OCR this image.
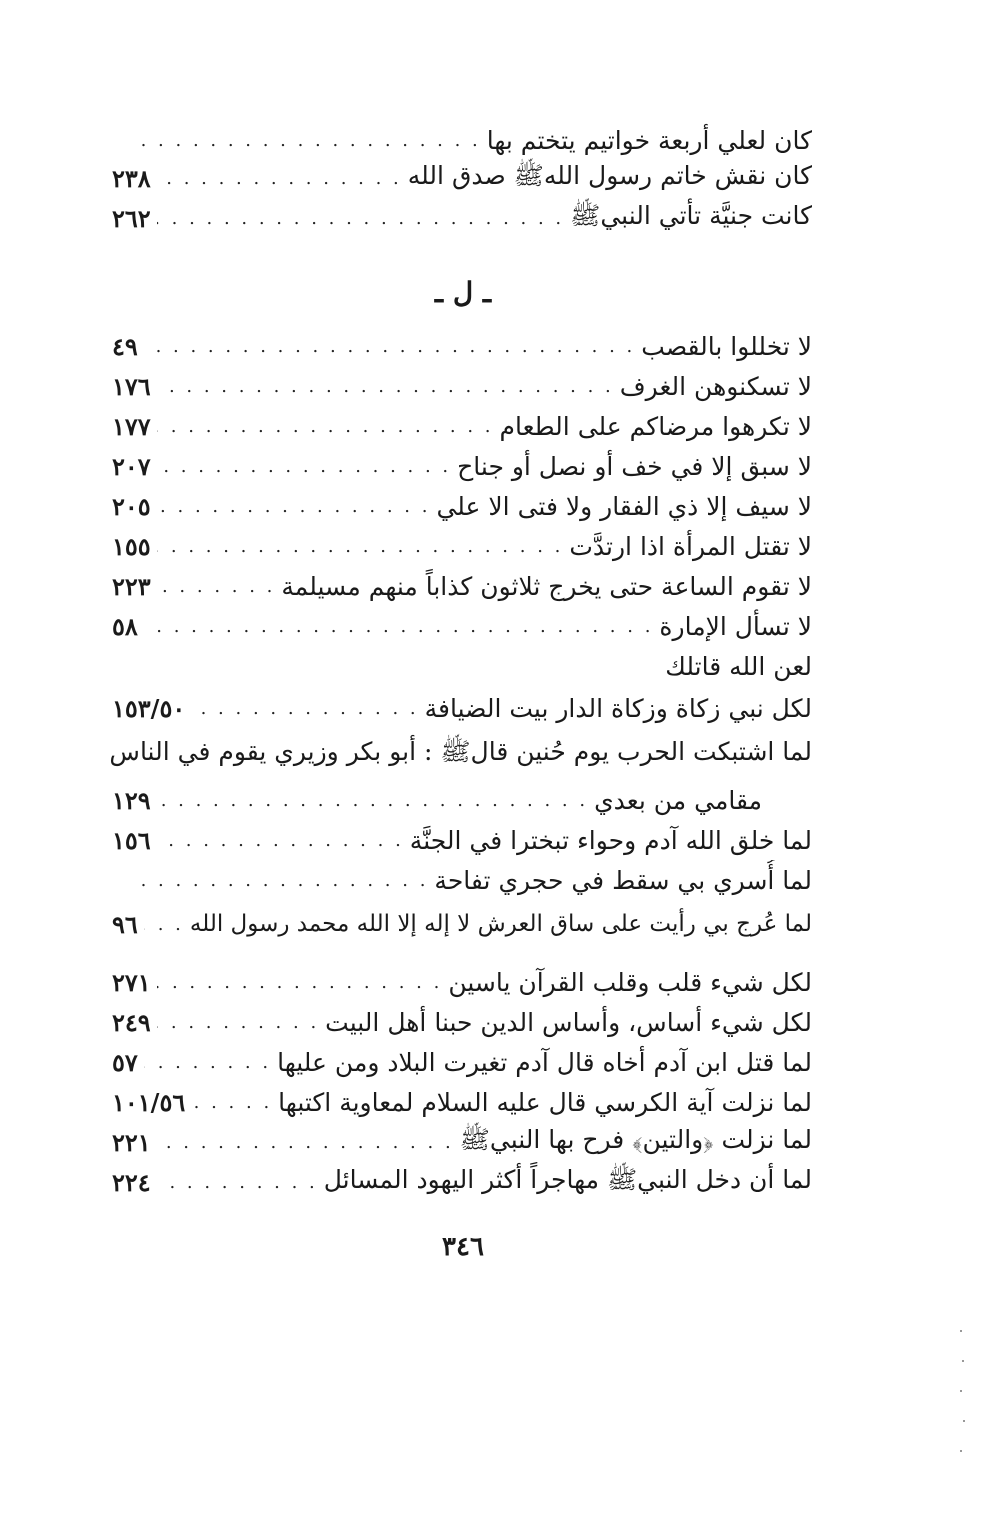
كان لعلي أربعة خواتيم يتختم بها
. . .
كان نقش خاتم رسول اللهﷺ صدق الله
. . .
٢٣٨
كانت جنيَّة تأتي النبيﷺ
. . .
٢٦٢
ـ ل ـ
لا تخللوا بالقصب
. . .
٤٩
لا تسكنوهن الغرف
. . .
١٧٦
لا تكرهوا مرضاكم على الطعام
. . .
١٧٧
لا سبق إلا في خف أو نصل أو جناح
. . .
٢٠٧
لا سيف إلا ذي الفقار ولا فتى الا علي
. . .
٢٠٥
لا تقتل المرأة اذا ارتدَّت
. . .
١٥٥
لا تقوم الساعة حتى يخرج ثلاثون كذاباً منهم مسيلمة
. . .
٢٢٣
لا تسأل الإمارة
. . .
٥٨
لعن الله قاتلك
لكل نبي زكاة وزكاة الدار بيت الضيافة
. . .
١٥٣/٥٠
لما اشتبكت الحرب يوم حُنين قالﷺ : أبو بكر وزيري يقوم في الناس
مقامي من بعدي
. . .
١٢٩
لما خلق الله آدم وحواء تبخترا في الجنَّة
. . .
١٥٦
لما أُسري بي سقط في حجري تفاحة
. . .
لما عُرج بي رأيت على ساق العرش لا إله إلا الله محمد رسول الله
. . .
٩٦
لكل شيء قلب وقلب القرآن ياسين
. . .
٢٧١
لكل شيء أساس، وأساس الدين حبنا أهل البيت
. . .
٢٤٩
لما قتل ابن آدم أخاه قال آدم تغيرت البلاد ومن عليها
. . .
٥٧
لما نزلت آية الكرسي قال عليه السلام لمعاوية اكتبها
. . .
١٠١/٥٦
لما نزلت ﴿والتين﴾ فرح بها النبيﷺ
. . .
٢٢١
لما أن دخل النبيﷺ مهاجراً أكثر اليهود المسائل
. . .
٢٢٤
٣٤٦
